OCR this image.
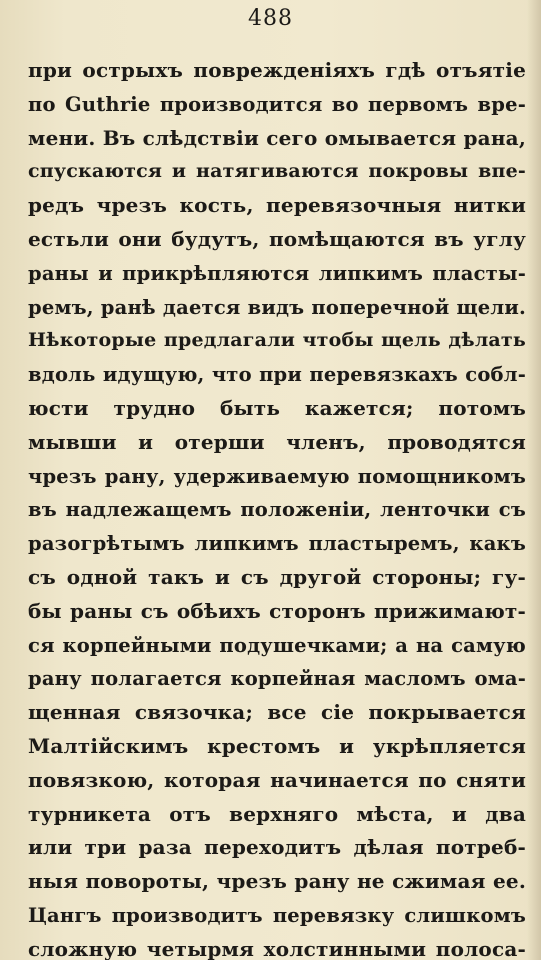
488
при острыхъ поврежденіяхъ гдѣ отъятіе
по Guthrie производится во первомъ вре-
мени. Въ слѣдствіи сего омывается рана,
спускаются и натягиваются покровы впе-
редъ чрезъ кость, перевязочныя нитки
естьли они будутъ, помѣщаются въ углу
раны и прикрѣпляются липкимъ пласты-
ремъ, ранѣ дается видъ поперечной щели.
Нѣкоторые предлагали чтобы щель дѣлать
вдоль идущую, что при перевязкахъ собл-
юсти трудно быть кажется; потомъ
мывши и отерши членъ, проводятся
чрезъ рану, удерживаемую помощникомъ
въ надлежащемъ положеніи, ленточки съ
разогрѣтымъ липкимъ пластыремъ, какъ
съ одной такъ и съ другой стороны; гу-
бы раны съ обѣихъ сторонъ прижимают-
ся корпейными подушечками; а на самую
рану полагается корпейная масломъ ома-
щенная связочка; все сіе покрывается
Малтійскимъ крестомъ и укрѣпляется
повязкою, которая начинается по сняти
турникета отъ верхняго мѣста, и два
или три раза переходитъ дѣлая потреб-
ныя повороты, чрезъ рану не сжимая ее.
Цангъ производитъ перевязку слишкомъ
сложную четырмя холстинными полоса-
